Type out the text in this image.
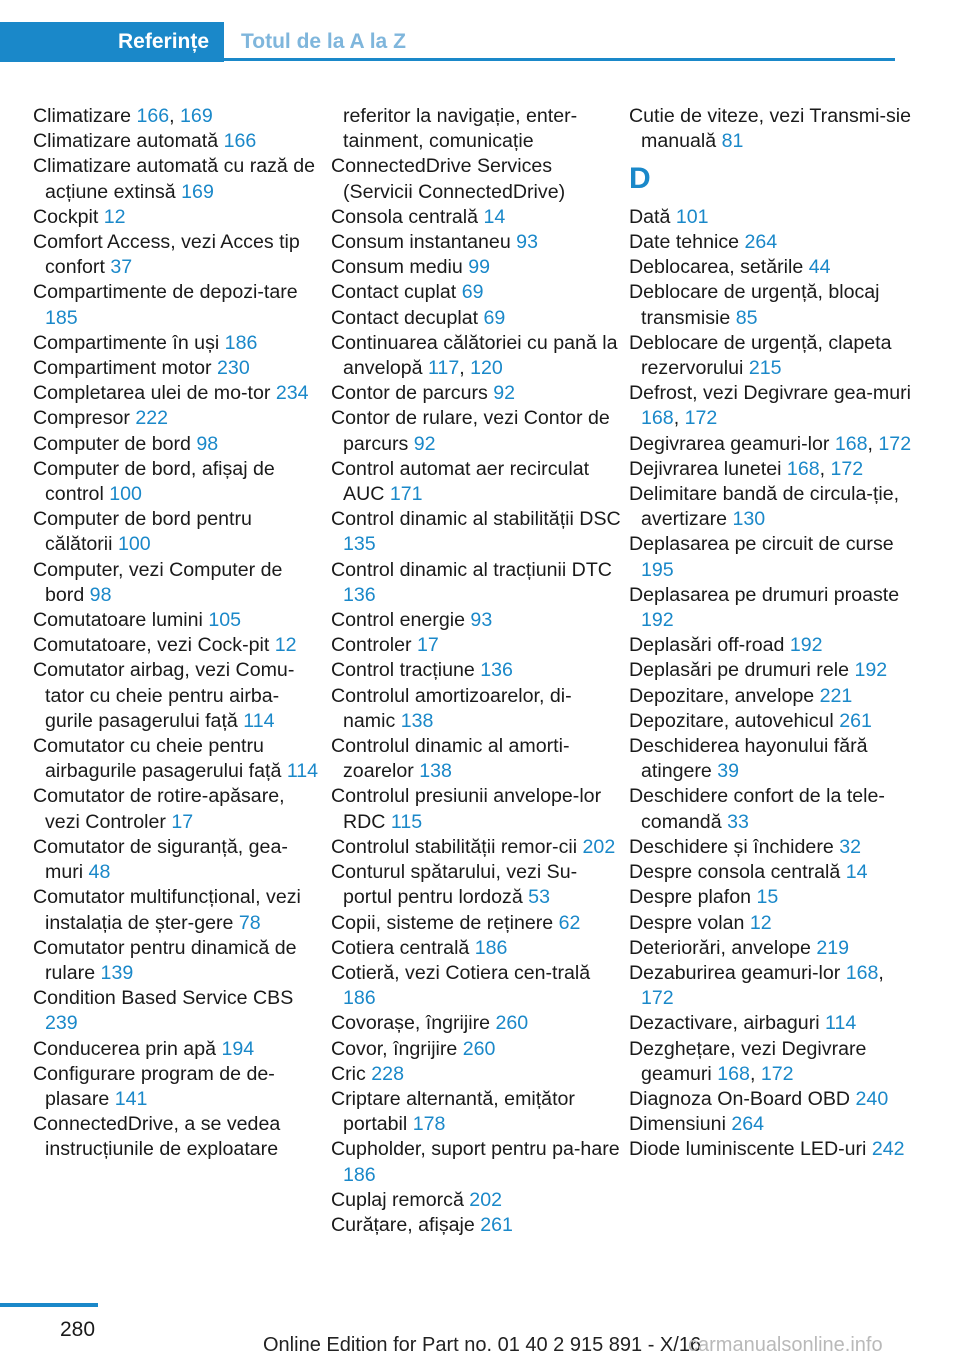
Referințe	Totul de la A la Z

Climatizare 166, 169

Climatizare automată 166

Climatizare automată cu rază de acțiune extinsă 169

Cockpit 12

Comfort Access, vezi Acces tip confort 37

Compartimente de depozi‐tare 185

Compartimente în uși 186

Compartiment motor 230

Completarea ulei de mo‐tor 234

Compresor 222

Computer de bord 98

Computer de bord, afișaj de control 100

Computer de bord pentru călătorii 100

Computer, vezi Computer de bord 98

Comutatoare lumini 105

Comutatoare, vezi Cock‐pit 12

Comutator airbag, vezi Comu‐tator cu cheie pentru airba‐gurile pasagerului față 114

Comutator cu cheie pentru airbagurile pasagerului față 114

Comutator de rotire-apăsare, vezi Controler 17

Comutator de siguranță, gea‐muri 48

Comutator multifuncțional, vezi instalația de șter‐gere 78

Comutator pentru dinamică de rulare 139

Condition Based Service CBS 239

Conducerea prin apă 194

Configurare program de de‐plasare 141

ConnectedDrive, a se vedea instrucțiunile de exploatare

referitor la navigație, enter‐tainment, comunicație

ConnectedDrive Services (Servicii ConnectedDrive)

Consola centrală 14

Consum instantaneu 93

Consum mediu 99

Contact cuplat 69

Contact decuplat 69

Continuarea călătoriei cu pană la anvelopă 117, 120

Contor de parcurs 92

Contor de rulare, vezi Contor de parcurs 92

Control automat aer recirculat AUC 171

Control dinamic al stabilității DSC 135

Control dinamic al tracțiunii DTC 136

Control energie 93

Controler 17

Control tracțiune 136

Controlul amortizoarelor, di‐namic 138

Controlul dinamic al amorti‐zoarelor 138

Controlul presiunii anvelope‐lor RDC 115

Controlul stabilității remor‐cii 202

Conturul spătarului, vezi Su‐portul pentru lordoză 53

Copii, sisteme de reținere 62

Cotiera centrală 186

Cotieră, vezi Cotiera cen‐trală 186

Covorașe, îngrijire 260

Covor, îngrijire 260

Cric 228

Criptare alternantă, emițător portabil 178

Cupholder, suport pentru pa‐hare 186

Cuplaj remorcă 202

Curățare, afișaje 261

Cutie de viteze, vezi Transmi‐sie manuală 81

D

Dată 101

Date tehnice 264

Deblocarea, setările 44

Deblocare de urgență, blocaj transmisie 85

Deblocare de urgență, clapeta rezervorului 215

Defrost, vezi Degivrare gea‐muri 168, 172

Degivrarea geamuri‐lor 168, 172

Dejivrarea lunetei 168, 172

Delimitare bandă de circula‐ție, avertizare 130

Deplasarea pe circuit de curse 195

Deplasarea pe drumuri proaste 192

Deplasări off-road 192

Deplasări pe drumuri rele 192

Depozitare, anvelope 221

Depozitare, autovehicul 261

Deschiderea hayonului fără atingere 39

Deschidere confort de la tele‐comandă 33

Deschidere și închidere 32

Despre consola centrală 14

Despre plafon 15

Despre volan 12

Deteriorări, anvelope 219

Dezaburirea geamuri‐lor 168, 172

Dezactivare, airbaguri 114

Dezghețare, vezi Degivrare geamuri 168, 172

Diagnoza On-Board OBD 240

Dimensiuni 264

Diode luminiscente LED-uri 242

280
Online Edition for Part no. 01 40 2 915 891 - X/16
carmanualsonline.info
